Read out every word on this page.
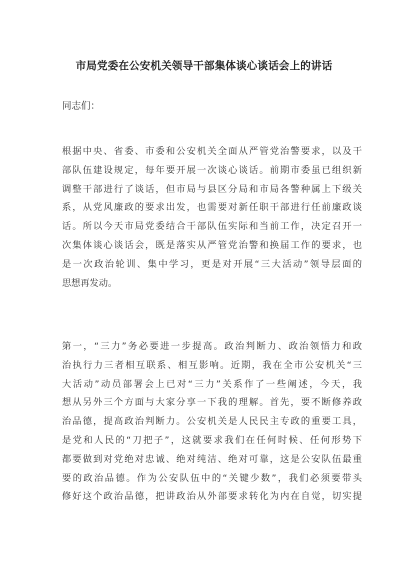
市局党委在公安机关领导干部集体谈心谈话会上的讲话
同志们：
根据中央、省委、市委和公安机关全面从严管党治警要求，以及干
部队伍建设规定，每年要开展一次谈心谈话。前期市委虽已组织新
调整干部进行了谈话，但市局与县区分局和市局各警种属上下级关
系，从党风廉政的要求出发，也需要对新任职干部进行任前廉政谈
话。所以今天市局党委结合干部队伍实际和当前工作，决定召开一
次集体谈心谈话会，既是落实从严管党治警和换届工作的要求，也
是一次政治轮训、集中学习，更是对开展“三大活动”领导层面的
思想再发动。
第一，“三力”务必要进一步提高。政治判断力、政治领悟力和政
治执行力三者相互联系、相互影响。近期，我在全市公安机关“三
大活动”动员部署会上已对“三力”关系作了一些阐述，今天，我
想从另外三个方面与大家分享一下我的理解。首先，要不断修养政
治品德，提高政治判断力。公安机关是人民民主专政的重要工具，
是党和人民的“刀把子”，这就要求我们在任何时候、任何形势下
都要做到对党绝对忠诚、绝对纯洁、绝对可靠，这是公安队伍最重
要的政治品德。作为公安队伍中的“关键少数”，我们必须要带头
修好这个政治品德，把讲政治从外部要求转化为内在自觉，切实提
